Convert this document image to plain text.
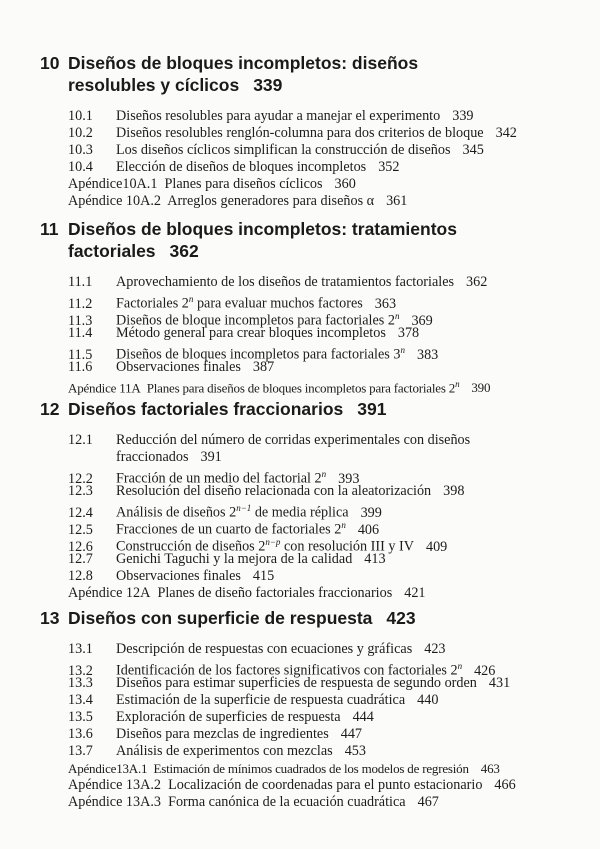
10 Diseños de bloques incompletos: diseños
resolubles y cíclicos 339
10.1 Diseños resolubles para ayudar a manejar el experimento 339
10.2 Diseños resolubles renglón-columna para dos criterios de bloque 342
10.3 Los diseños cíclicos simplifican la construcción de diseños 345
10.4 Elección de diseños de bloques incompletos 352
Apéndice10A.1 Planes para diseños cíclicos 360
Apéndice 10A.2 Arreglos generadores para diseños α 361
11 Diseños de bloques incompletos: tratamientos
factoriales 362
11.1 Aprovechamiento de los diseños de tratamientos factoriales 362
11.2 Factoriales 2$^n$ para evaluar muchos factores 363
11.3 Diseños de bloque incompletos para factoriales 2$^n$ 369
11.4 Método general para crear bloques incompletos 378
11.5 Diseños de bloques incompletos para factoriales 3$^n$ 383
11.6 Observaciones finales 387
Apéndice 11A Planes para diseños de bloques incompletos para factoriales 2$^n$ 390
12 Diseños factoriales fraccionarios 391
12.1 Reducción del número de corridas experimentales con diseños
fraccionados 391
12.2 Fracción de un medio del factorial 2$^n$ 393
12.3 Resolución del diseño relacionada con la aleatorización 398
12.4 Análisis de diseños $2^{n-1}$ de media réplica 399
12.5 Fracciones de un cuarto de factoriales 2$^n$ 406
12.6 Construcción de diseños $2^{n-p}$ con resolución III y IV 409
12.7 Genichi Taguchi y la mejora de la calidad 413
12.8 Observaciones finales 415
Apéndice 12A Planes de diseño factoriales fraccionarios 421
13 Diseños con superficie de respuesta 423
13.1 Descripción de respuestas con ecuaciones y gráficas 423
13.2 Identificación de los factores significativos con factoriales 2$^n$ 426
13.3 Diseños para estimar superficies de respuesta de segundo orden 431
13.4 Estimación de la superficie de respuesta cuadrática 440
13.5 Exploración de superficies de respuesta 444
13.6 Diseños para mezclas de ingredientes 447
13.7 Análisis de experimentos con mezclas 453
Apéndice13A.1 Estimación de mínimos cuadrados de los modelos de regresión 463
Apéndice 13A.2 Localización de coordenadas para el punto estacionario 466
Apéndice 13A.3 Forma canónica de la ecuación cuadrática 467
